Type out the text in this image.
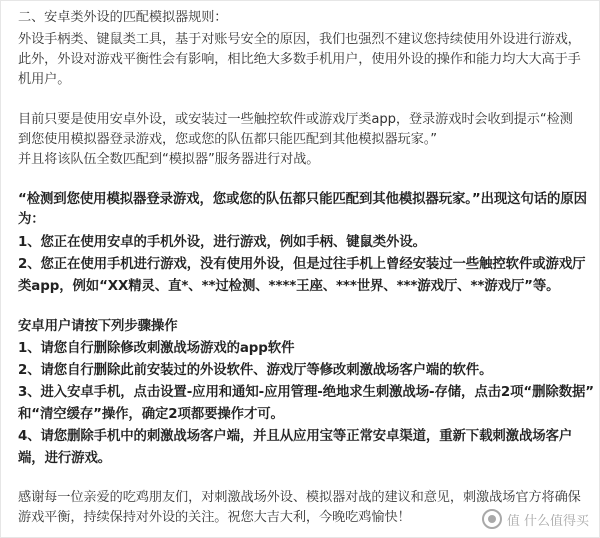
二、安卓类外设的匹配模拟器规则：
外设手柄类、键鼠类工具，基于对账号安全的原因，我们也强烈不建议您持续使用外设进行游戏，
此外，外设对游戏平衡性会有影响，相比绝大多数手机用户，使用外设的操作和能力均大大高于手
机用户。
目前只要是使用安卓外设，或安装过一些触控软件或游戏厅类app，登录游戏时会收到提示“检测
到您使用模拟器登录游戏，您或您的队伍都只能匹配到其他模拟器玩家。”
并且将该队伍全数匹配到“模拟器”服务器进行对战。
“检测到您使用模拟器登录游戏，您或您的队伍都只能匹配到其他模拟器玩家。”出现这句话的原因
为：
1、您正在使用安卓的手机外设，进行游戏，例如手柄、键鼠类外设。
2、您正在使用手机进行游戏，没有使用外设，但是过往手机上曾经安装过一些触控软件或游戏厅
类app，例如“XX精灵、直*、**过检测、****王座、***世界、***游戏厅、**游戏厅”等。
安卓用户请按下列步骤操作
1、请您自行删除修改刺激战场游戏的app软件
2、请您自行删除此前安装过的外设软件、游戏厅等修改刺激战场客户端的软件。
3、进入安卓手机，点击设置-应用和通知-应用管理-绝地求生刺激战场-存储，点击2项“删除数据”
和“清空缓存”操作，确定2项都要操作才可。
4、请您删除手机中的刺激战场客户端，并且从应用宝等正常安卓渠道，重新下载刺激战场客户
端，进行游戏。
感谢每一位亲爱的吃鸡朋友们，对刺激战场外设、模拟器对战的建议和意见，刺激战场官方将确保
游戏平衡，持续保持对外设的关注。祝您大吉大利，今晚吃鸡愉快！	值 什么值得买
